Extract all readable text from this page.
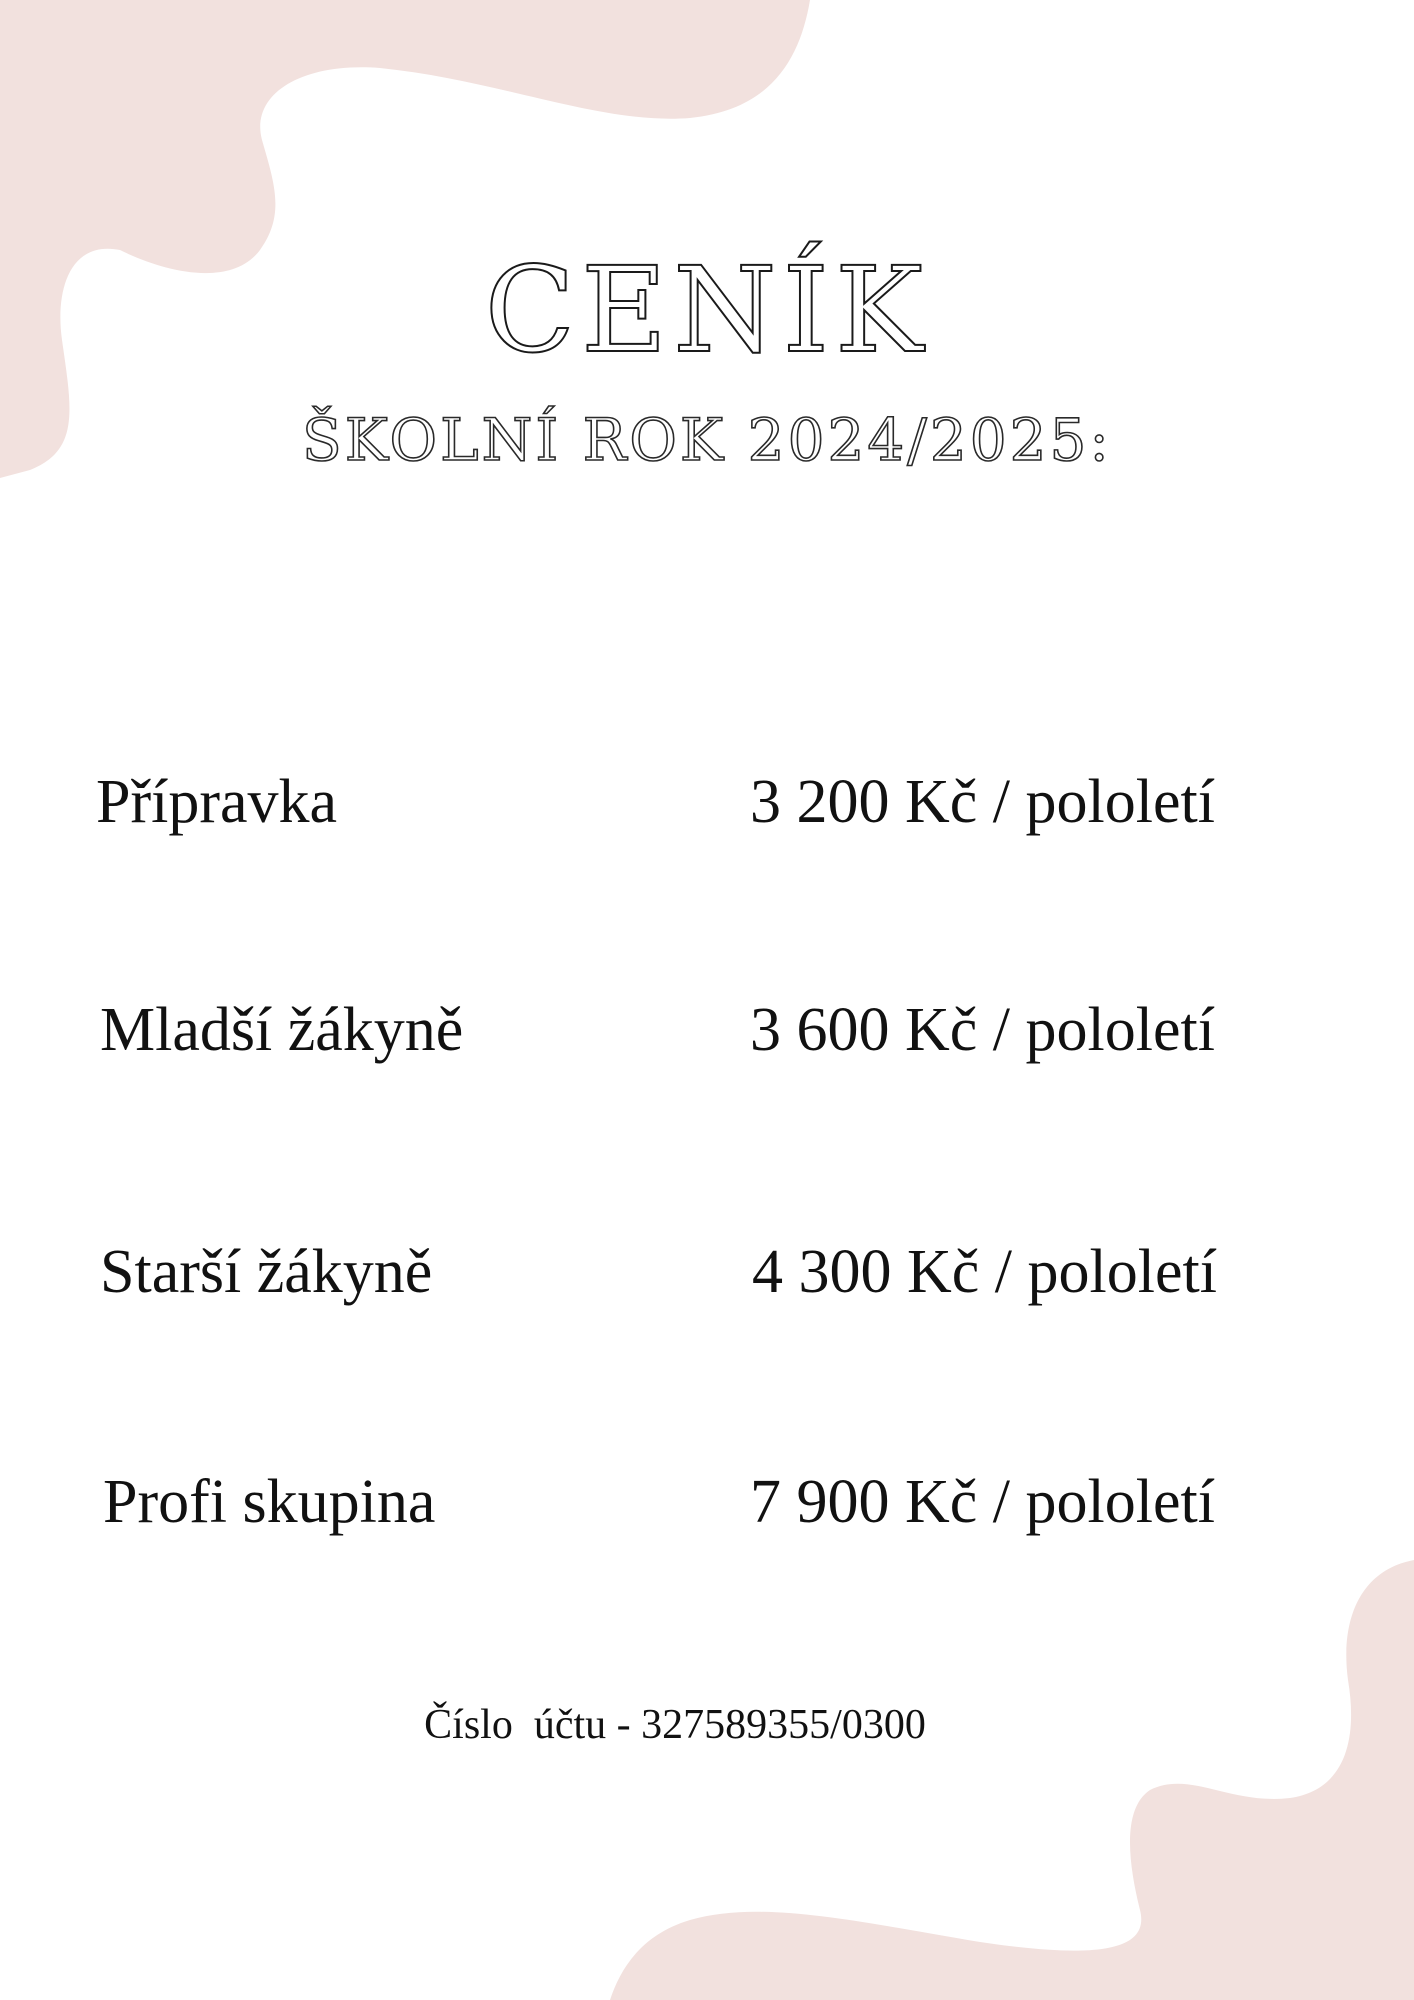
CENÍK
ŠKOLNÍ ROK 2024/2025:
Přípravka	3 200 Kč / pololetí
Mladší žákyně	3 600 Kč / pololetí
Starší žákyně	4 300 Kč / pololetí
Profi skupina	7 900 Kč / pololetí
Číslo  účtu - 327589355/0300
